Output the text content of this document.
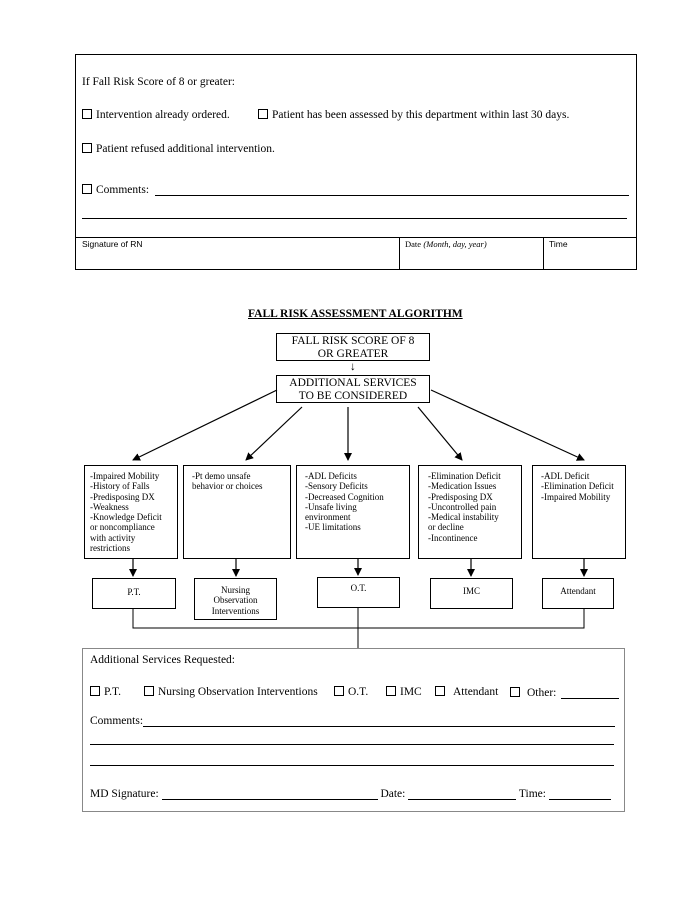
If Fall Risk Score of 8 or greater:
Intervention already ordered.	Patient has been assessed by this department within last 30 days.
Patient refused additional intervention.
Comments:
Signature of RN	Date (Month, day, year)	Time
FALL RISK ASSESSMENT ALGORITHM
FALL RISK SCORE OF 8
OR GREATER
↓
ADDITIONAL SERVICES
TO BE CONSIDERED
-Impaired Mobility
-History of Falls
-Predisposing DX
-Weakness
-Knowledge Deficit
or noncompliance
with activity
restrictions
-Pt demo unsafe
behavior or choices
-ADL Deficits
-Sensory Deficits
-Decreased Cognition
-Unsafe living
environment
-UE limitations
-Elimination Deficit
-Medication Issues
-Predisposing DX
-Uncontrolled pain
-Medical instability
or decline
-Incontinence
-ADL Deficit
-Elimination Deficit
-Impaired Mobility
P.T.	Nursing
Observation
Interventions
O.T.	IMC	Attendant
Additional Services Requested:
P.T.	Nursing Observation Interventions	O.T.	IMC	Attendant	Other:
Comments:
MD Signature:	Date:	Time:
